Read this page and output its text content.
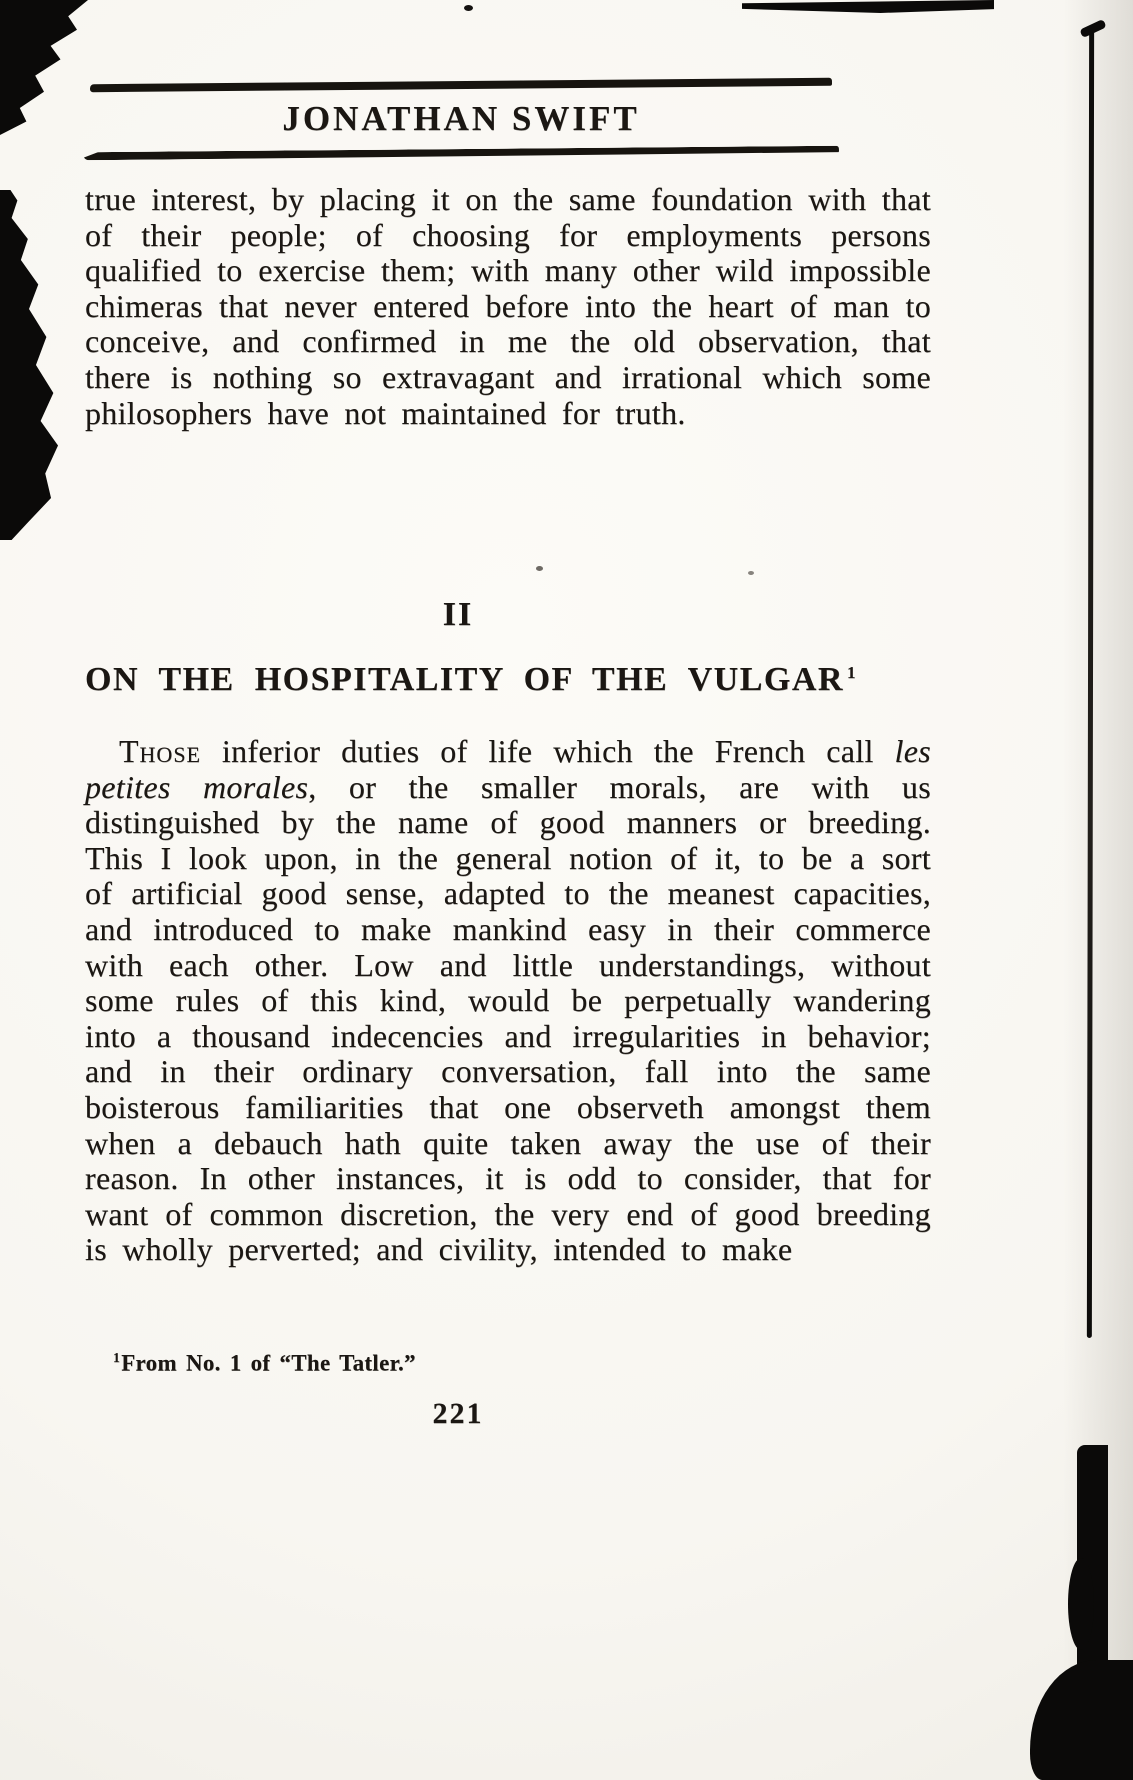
JONATHAN SWIFT

true interest, by placing it on the same foundation with that of their people; of choosing for employments persons qualified to exercise them; with many other wild impossible chimeras that never entered before into the heart of man to conceive, and confirmed in me the old observation, that there is nothing so extravagant and irrational which some philosophers have not maintained for truth.

II
ON THE HOSPITALITY OF THE VULGAR $^1$

Those inferior duties of life which the French call les petites morales, or the smaller morals, are with us distinguished by the name of good manners or breeding. This I look upon, in the general notion of it, to be a sort of artificial good sense, adapted to the meanest capacities, and introduced to make mankind easy in their commerce with each other. Low and little understandings, without some rules of this kind, would be perpetually wandering into a thousand indecencies and irregularities in behavior; and in their ordinary conversation, fall into the same boisterous familiarities that one observeth amongst them when a debauch hath quite taken away the use of their reason. In other instances, it is odd to consider, that for want of common discretion, the very end of good breeding is wholly perverted; and civility, intended to make

$^1$From No. 1 of “The Tatler.”

221
